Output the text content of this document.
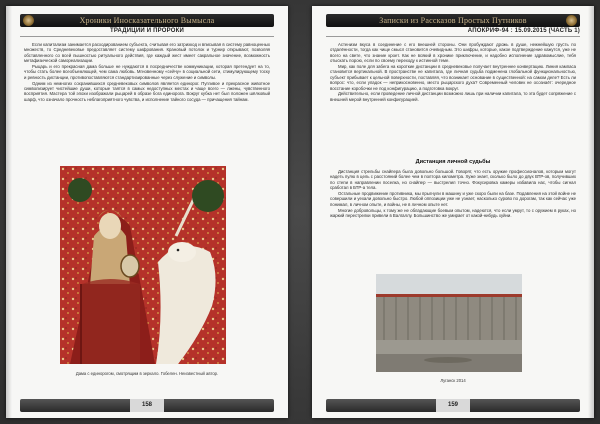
Хроники Иносказательного Вымысла
ТРАДИЦИИ И ПРОРОКИ

Если капитализм занимается расходированием субъекта, считывая его затрихкод и вписывая в систему равноценных множеств, то Средневековье предоставляет систему шифрования. Крановый потолок и турнир открывают, позволяя обставленного со всей пышностью ритуального действия, где каждый жест имеет сакральное значение, возможность метафизической самореализации.

Рыцарь и его прекрасная дама больше не нуждаются в посредничестве коммуникации, которая претендует на то, чтобы стать более всеобъемлющей, чем сама любовь. Мгновенному «сейчу» в социальной сети, стимулирующему тоску и ревность дистанции, противопоставляются стандартизированные через служение и символы.

Одним из немногих сохранившихся средневековых символов является единорог. Пугливое и прекрасное животное символизирует чистейшие души, которые таятся в самых недоступных местах и чаще всего — лжены, чувственного восприятия. Мастера той эпохи изображали рыцарей в образе бога единорога. Вокруг кубка нет был положен шёлковый шарф, что означало прочность неблагоприятного чувства, и исполнение тайного сосуда — причащения тайнам.

Дама с единорогом, смотрящим в зеркало. Гобелен. Неизвестный автор.
158
Записки из Рассказов Простых Путников
АПОКРИФ-94 : 15.09.2015 (ЧАСТЬ 1)

Астенизм вкуса в соединение с его внешней стороны. Они пробуждают дрожь в душе, нежнейшую грусть по отдалённости, тогда как чище смысл становится очевидным. Это шифры, которые, какое подтверждение кажутся, уже не всего на свете, что знание кроет. Как не всякий в хронике приключение, и надобно исполнение здравомыслие, тебя отыскать порою, если по своему переходу к истинной теме.

Мир, как поле для забега на короткие дистанции в средневековье получает внутреннее конвертацию. Линия кампаса становится вертикальной. В пространстве не капитала, где личная судьба подменена глобальной функциональностью, субъект прибывает к цельной поверхности, поставляя, что возникает основание в существенной: на самом деле? Есть ли вопрос: что, если упадок — неприкосновенно, место рыцарского духа? Современный человек не осознаёт: очередное восстание коробочки не под конфигурацию, а подготовка вокруг.

Действительно, если проведение личной дистанции возможно лишь при наличии капитала, то эта будет сопряжение с внешней мерой внутренней конфигурацией.

Дистанция личной судьбы

Дистанция стрельбы снайпера была довольно большой. Говорят, что есть оружие профессионалов, которым могут надеть пулю в цель с расстояний более чем в полтора километра. Хуже знает, сколько было до двух ВТР-ов, получивших по степи в направлении поселка, но снайпер — выстрелил точно. Фокусировка камеры избавила нас, чтобы сигнал сработал в БТР-а тела.

Остальные продвижение противника, мы прыгнули в машину и уже скоро были на базе. Подавления на этой войне не совершили и уехали довольно быстро. Любой оппозиции уже не узнает, насколько сурово по дорогам, так как сейчас уже понимал, в личном опыте, и войны, не в личном опыте нет.

Многие добровольцы, к тому же не обладающие боевым опытом, надеются, что если умрут, то с оружием в руках, но жаркий перестрелки привели в Валгаллу. Большинство же умирает от какой-нибудь хуйни.

Луганск 2014
159
